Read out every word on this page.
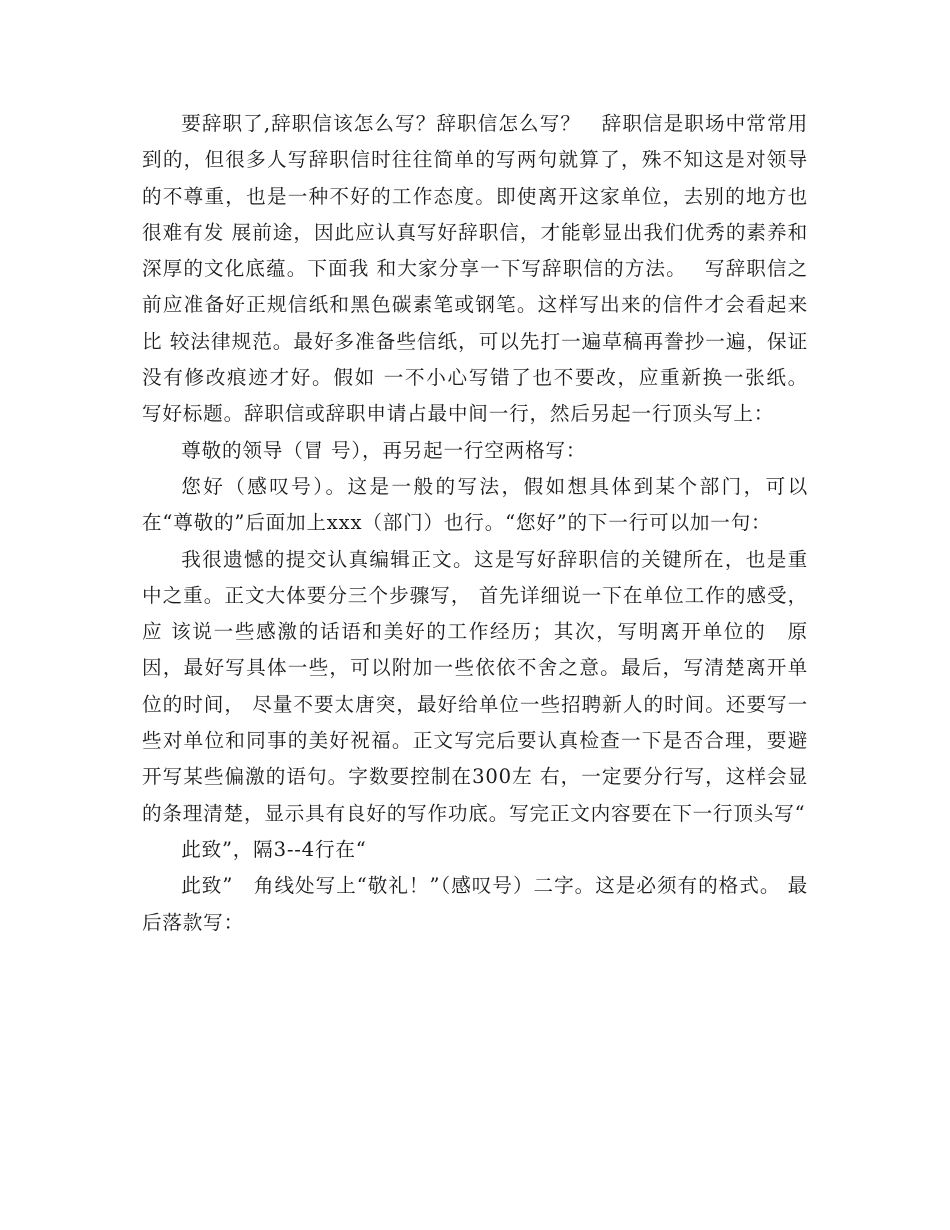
要辞职了,辞职信该怎么写？辞职信怎么写？　辞职信是职场中常常用到的，但很多人写辞职信时往往简单的写两句就算了，殊不知这是对领导的不尊重，也是一种不好的工作态度。即使离开这家单位，去别的地方也很难有发 展前途，因此应认真写好辞职信，才能彰显出我们优秀的素养和深厚的文化底蕴。下面我 和大家分享一下写辞职信的方法。　 写辞职信之前应准备好正规信纸和黑色碳素笔或钢笔。这样写出来的信件才会看起来比 较法律规范。最好多准备些信纸，可以先打一遍草稿再誊抄一遍，保证没有修改痕迹才好。假如 一不小心写错了也不要改，应重新换一张纸。 写好标题。辞职信或辞职申请占最中间一行，然后另起一行顶头写上：

尊敬的领导（冒 号），再另起一行空两格写：

您好（感叹号）。这是一般的写法，假如想具体到某个部门，可以在“尊敬的”后面加上xxx（部门）也行。“您好”的下一行可以加一句：

我很遗憾的提交认真编辑正文。这是写好辞职信的关键所在，也是重中之重。正文大体要分三个步骤写， 首先详细说一下在单位工作的感受，应 该说一些感激的话语和美好的工作经历；其次，写明离开单位的　原因，最好写具体一些，可以附加一些依依不舍之意。最后，写清楚离开单位的时间， 尽量不要太唐突，最好给单位一些招聘新人的时间。还要写一些对单位和同事的美好祝福。正文写完后要认真检查一下是否合理，要避开写某些偏激的语句。字数要控制在300左 右，一定要分行写，这样会显的条理清楚，显示具有良好的写作功底。写完正文内容要在下一行顶头写“

此致”，隔3--4行在“

此致”　角线处写上“敬礼！”（感叹号）二字。这是必须有的格式。 最后落款写：
